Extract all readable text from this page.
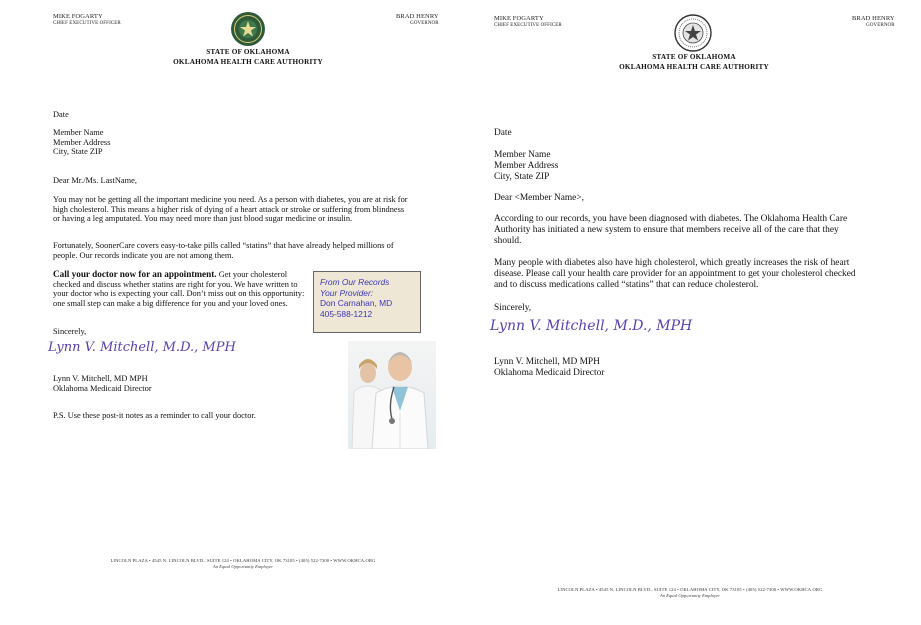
MIKE FOGARTY
CHIEF EXECUTIVE OFFICER
BRAD HENRY
GOVERNOR
STATE OF OKLAHOMA
OKLAHOMA HEALTH CARE AUTHORITY
Date
Member Name
Member Address
City, State ZIP
Dear Mr./Ms. LastName,

You may not be getting all the important medicine you need. As a person with diabetes, you are at risk for high cholesterol. This means a higher risk of dying of a heart attack or stroke or suffering from blindness or having a leg amputated. You may need more than just blood sugar medicine or insulin.

Fortunately, SoonerCare covers easy-to-take pills called “statins” that have already helped millions of people. Our records indicate you are not among them.

Call your doctor now for an appointment. Get your cholesterol checked and discuss whether statins are right for you. We have written to your doctor who is expecting your call. Don’t miss out on this opportunity: one small step can make a big difference for you and your loved ones.

From Our Records
Your Provider:
Don Carnahan, MD
405-588-1212
Sincerely,
Lynn V. Mitchell, M.D., MPH
Lynn V. Mitchell, MD MPH
Oklahoma Medicaid Director
P.S. Use these post-it notes as a reminder to call your doctor.
LINCOLN PLAZA • 4545 N. LINCOLN BLVD., SUITE 124 • OKLAHOMA CITY, OK 73105 • (405) 522-7300 • WWW.OKHCA.ORG
An Equal Opportunity Employer
MIKE FOGARTY
CHIEF EXECUTIVE OFFICER
BRAD HENRY
GOVERNOR
STATE OF OKLAHOMA
OKLAHOMA HEALTH CARE AUTHORITY
Date
Member Name
Member Address
City, State ZIP
Dear <Member Name>,

According to our records, you have been diagnosed with diabetes. The Oklahoma Health Care Authority has initiated a new system to ensure that members receive all of the care that they should.

Many people with diabetes also have high cholesterol, which greatly increases the risk of heart disease. Please call your health care provider for an appointment to get your cholesterol checked and to discuss medications called “statins” that can reduce cholesterol.

Sincerely,
Lynn V. Mitchell, M.D., MPH
Lynn V. Mitchell, MD MPH
Oklahoma Medicaid Director
LINCOLN PLAZA • 4545 N. LINCOLN BLVD., SUITE 124 • OKLAHOMA CITY, OK 73105 • (405) 522-7300 • WWW.OKHCA.ORG
An Equal Opportunity Employer
